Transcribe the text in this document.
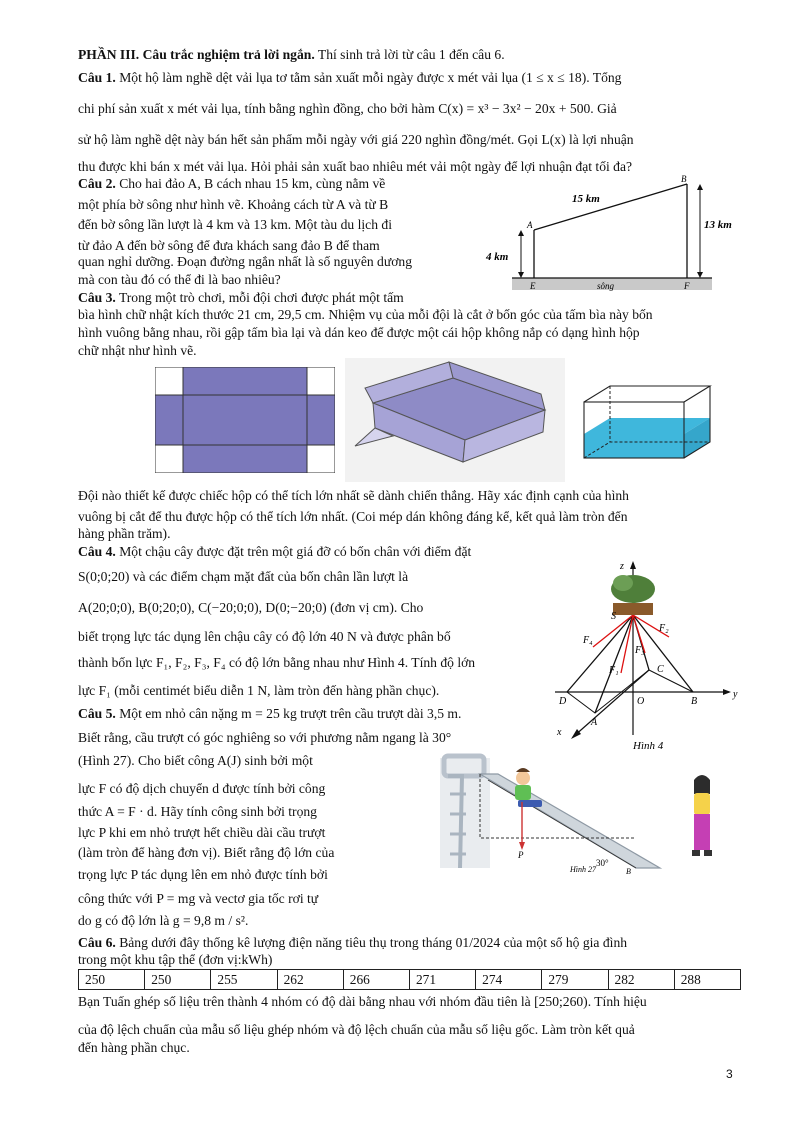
PHẦN III. Câu trắc nghiệm trả lời ngắn. Thí sinh trả lời từ câu 1 đến câu 6.
Câu 1. Một hộ làm nghề dệt vải lụa tơ tằm sản xuất mỗi ngày được x mét vải lụa (1 ≤ x ≤ 18). Tổng
chi phí sản xuất x mét vải lụa, tính bằng nghìn đồng, cho bởi hàm C(x) = x³ − 3x² − 20x + 500. Giả
sử hộ làm nghề dệt này bán hết sản phẩm mỗi ngày với giá 220 nghìn đồng/mét. Gọi L(x) là lợi nhuận
thu được khi bán x mét vải lụa. Hỏi phải sản xuất bao nhiêu mét vải một ngày để lợi nhuận đạt tối đa?
Câu 2. Cho hai đảo A, B cách nhau 15 km, cùng nằm về
một phía bờ sông như hình vẽ. Khoảng cách từ A và từ B
đến bờ sông lần lượt là 4 km và 13 km. Một tàu du lịch đi
từ đảo A đến bờ sông để đưa khách sang đảo B để tham
quan nghỉ dưỡng. Đoạn đường ngắn nhất là số nguyên dương
mà con tàu đó có thể đi là bao nhiêu?
15 km
13 km
4 km
sông
A
B
E	F
Câu 3. Trong một trò chơi, mỗi đội chơi được phát một tấm
bìa hình chữ nhật kích thước 21 cm, 29,5 cm. Nhiệm vụ của mỗi đội là cắt ở bốn góc của tấm bìa này bốn
hình vuông bằng nhau, rồi gập tấm bìa lại và dán keo để được một cái hộp không nắp có dạng hình hộp
chữ nhật như hình vẽ.
Đội nào thiết kế được chiếc hộp có thể tích lớn nhất sẽ dành chiến thắng. Hãy xác định cạnh của hình
vuông bị cắt để thu được hộp có thể tích lớn nhất. (Coi mép dán không đáng kể, kết quả làm tròn đến
hàng phần trăm).
Câu 4. Một chậu cây được đặt trên một giá đỡ có bốn chân với điểm đặt
S(0;0;20) và các điểm chạm mặt đất của bốn chân lần lượt là
A(20;0;0), B(0;20;0), C(−20;0;0), D(0;−20;0) (đơn vị cm). Cho
biết trọng lực tác dụng lên chậu cây có độ lớn 40 N và được phân bố
thành bốn lực F₁, F₂, F₃, F₄ có độ lớn bằng nhau như Hình 4. Tính độ lớn
lực F₁ (mỗi centimét biểu diễn 1 N, làm tròn đến hàng phần chục).
z
y
x
S
O
A
B
C
D
F₄
F₂
F₃
F₁
Hình 4
Câu 5. Một em nhỏ cân nặng m = 25 kg trượt trên cầu trượt dài 3,5 m.
Biết rằng, cầu trượt có góc nghiêng so với phương nằm ngang là 30°
(Hình 27). Cho biết công A(J) sinh bởi một
lực F có độ dịch chuyển d được tính bởi công
thức A = F · d. Hãy tính công sinh bởi trọng
lực P khi em nhỏ trượt hết chiều dài cầu trượt
(làm tròn để hàng đơn vị). Biết rằng độ lớn của
trọng lực P tác dụng lên em nhỏ được tính bởi
công thức với P = mg và vectơ gia tốc rơi tự
do g có độ lớn là g = 9,8 m / s².
P
30°
B
Hình 27
Câu 6. Bảng dưới đây thống kê lượng điện năng tiêu thụ trong tháng 01/2024 của một số hộ gia đình
trong một khu tập thể (đơn vị:kWh)
250	250	255	262	266	271	274	279	282	288
Bạn Tuấn ghép số liệu trên thành 4 nhóm có độ dài bằng nhau với nhóm đầu tiên là [250;260). Tính hiệu
của độ lệch chuẩn của mẫu số liệu ghép nhóm và độ lệch chuẩn của mẫu số liệu gốc. Làm tròn kết quả
đến hàng phần chục.
3
